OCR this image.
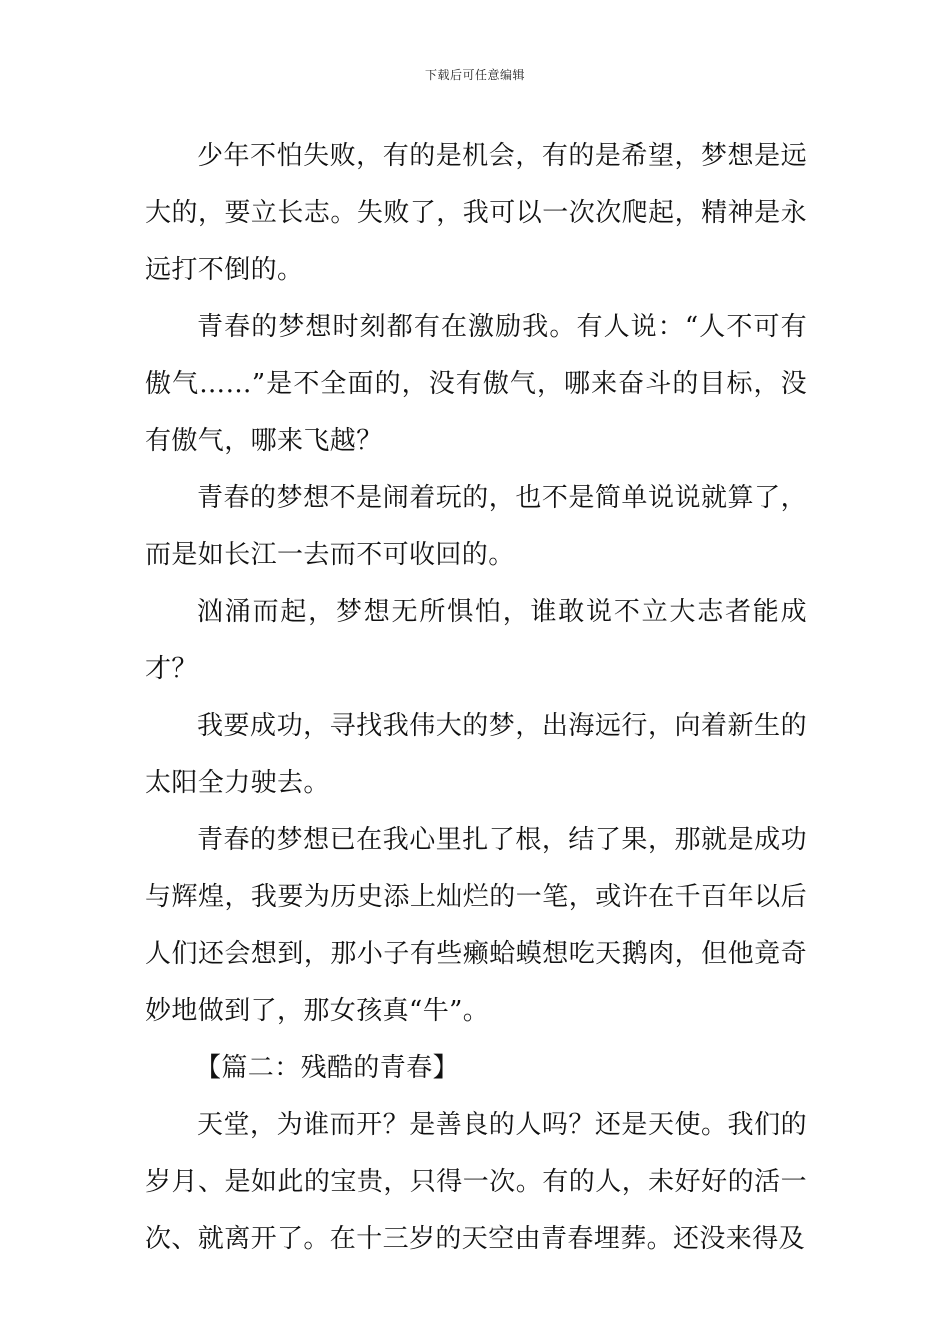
下载后可任意编辑

少年不怕失败，有的是机会，有的是希望，梦想是远大的，要立长志。失败了，我可以一次次爬起，精神是永远打不倒的。

青春的梦想时刻都有在激励我。有人说：“人不可有傲气……”是不全面的，没有傲气，哪来奋斗的目标，没有傲气，哪来飞越？

青春的梦想不是闹着玩的，也不是简单说说就算了，而是如长江一去而不可收回的。

汹涌而起，梦想无所惧怕，谁敢说不立大志者能成才？

我要成功，寻找我伟大的梦，出海远行，向着新生的太阳全力驶去。

青春的梦想已在我心里扎了根，结了果，那就是成功与辉煌，我要为历史添上灿烂的一笔，或许在千百年以后人们还会想到，那小子有些癞蛤蟆想吃天鹅肉，但他竟奇妙地做到了，那女孩真“牛”。

【篇二：残酷的青春】

天堂，为谁而开？是善良的人吗？还是天使。我们的岁月、是如此的宝贵，只得一次。有的人，未好好的活一次、就离开了。在十三岁的天空由青春埋葬。还没来得及
